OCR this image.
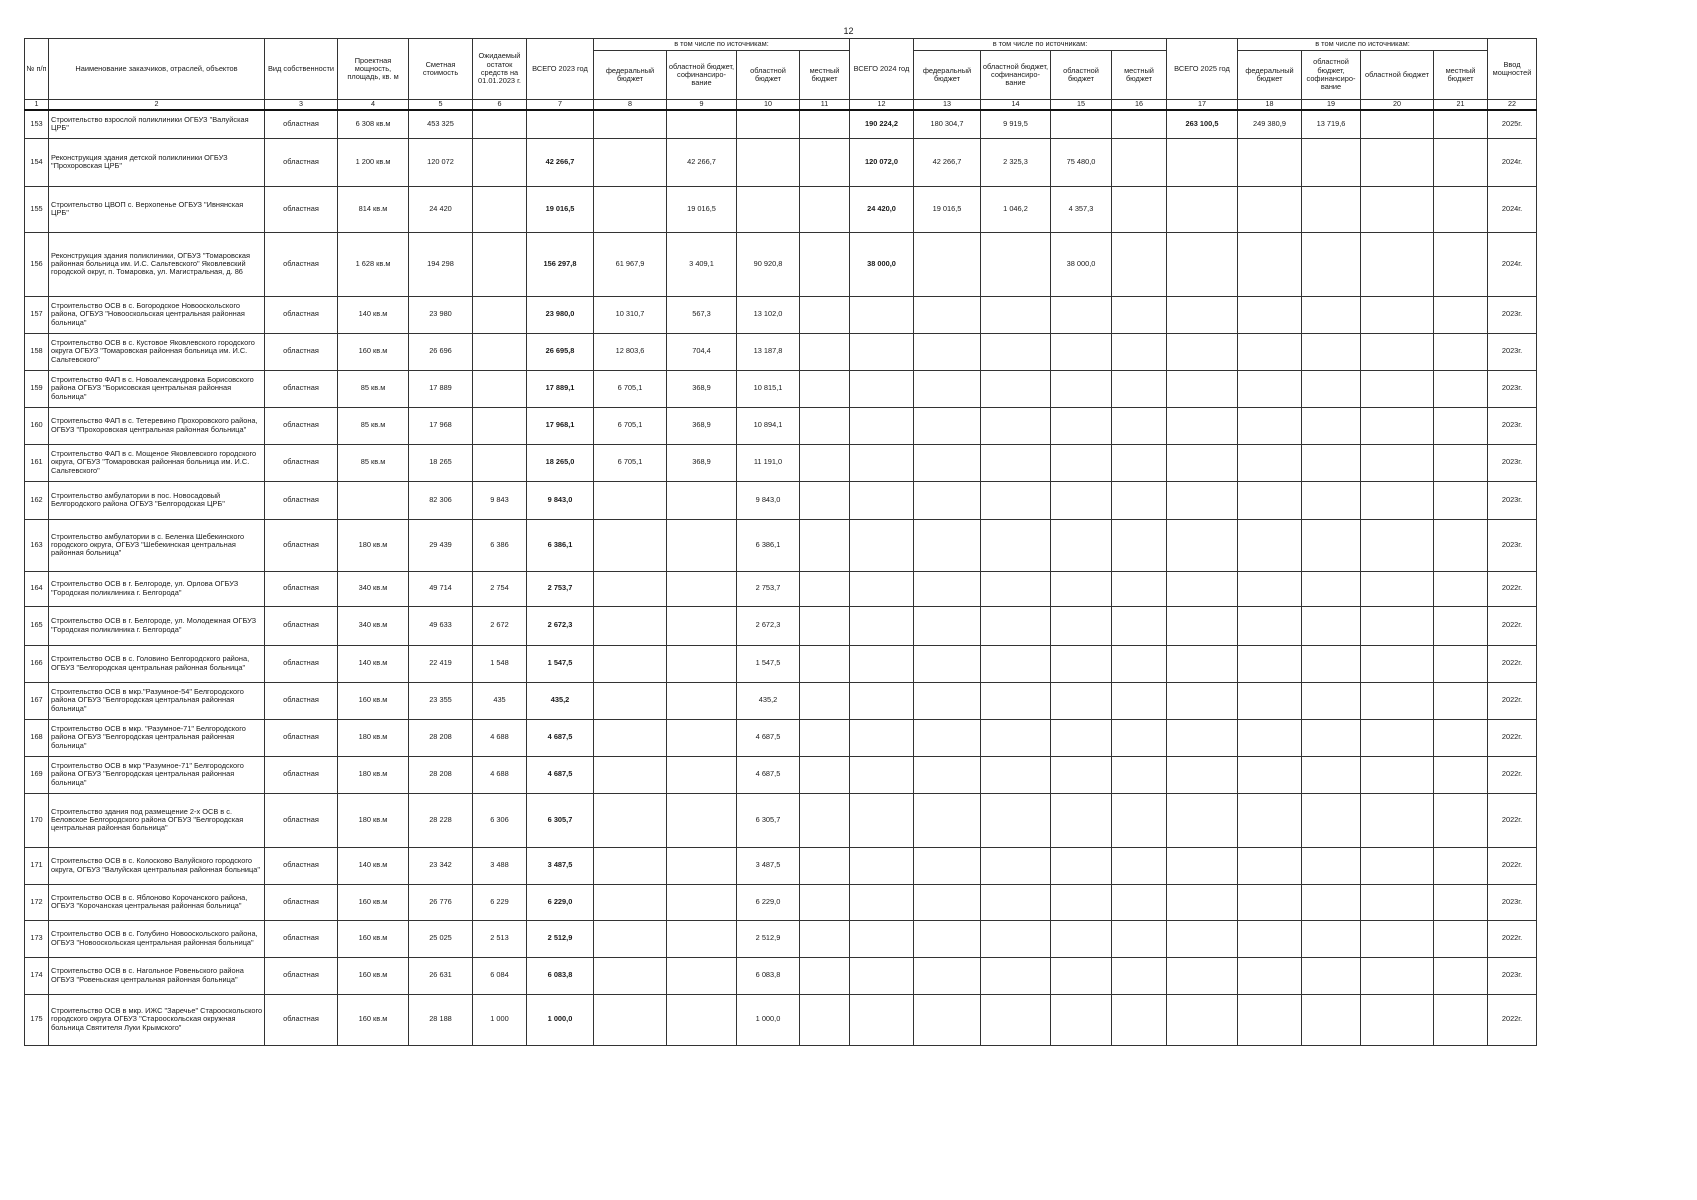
12
№ п/п	Наименование заказчиков, отраслей, объектов	Вид собственности	Проектная мощность, площадь, кв. м	Сметная стоимость	Ожидаемый остаток средств на 01.01.2023 г.	ВСЕГО 2023 год	в том числе по источникам:				ВСЕГО 2024 год	в том числе по источникам:				ВСЕГО 2025 год	в том числе по источникам:				Ввод мощностей
							федеральный бюджет	областной бюджет, софинансиро-вание	областной бюджет	местный бюджет		федеральный бюджет	областной бюджет, софинансиро-вание	областной бюджет	местный бюджет		федеральный бюджет	областной бюджет, софинансиро-вание	областной бюджет	местный бюджет	
1	2	3	4	5	6	7	8	9	10	11	12	13	14	15	16	17	18	19	20	21	22
153	Строительство взрослой поликлиники ОГБУЗ "Валуйская ЦРБ"	областная	6 308 кв.м	453 325							190 224,2	180 304,7	9 919,5			263 100,5	249 380,9	13 719,6			2025г.
154	Реконструкция здания детской поликлиники ОГБУЗ "Прохоровская ЦРБ"	областная	1 200 кв.м	120 072		42 266,7		42 266,7			120 072,0	42 266,7	2 325,3	75 480,0							2024г.
155	Строительство ЦВОП с. Верхопенье ОГБУЗ "Ивнянская ЦРБ"	областная	814 кв.м	24 420		19 016,5		19 016,5			24 420,0	19 016,5	1 046,2	4 357,3							2024г.
156	Реконструкция здания поликлиники, ОГБУЗ "Томаровская районная больница им. И.С. Сальтевского" Яковлевский городской округ, п. Томаровка, ул. Магистральная, д. 86	областная	1 628 кв.м	194 298		156 297,8	61 967,9	3 409,1	90 920,8		38 000,0			38 000,0							2024г.
157	Строительство ОСВ в с. Богородское Новооскольского района, ОГБУЗ "Новооскольская центральная районная больница"	областная	140 кв.м	23 980		23 980,0	10 310,7	567,3	13 102,0												2023г.
158	Строительство ОСВ в с. Кустовое Яковлевского городского округа ОГБУЗ "Томаровская районная больница им. И.С. Сальтевского"	областная	160 кв.м	26 696		26 695,8	12 803,6	704,4	13 187,8												2023г.
159	Строительство ФАП в с. Новоалександровка Борисовского района ОГБУЗ "Борисовская центральная районная больница"	областная	85 кв.м	17 889		17 889,1	6 705,1	368,9	10 815,1												2023г.
160	Строительство ФАП в с. Тетеревино Прохоровского района, ОГБУЗ "Прохоровская центральная районная больница"	областная	85 кв.м	17 968		17 968,1	6 705,1	368,9	10 894,1												2023г.
161	Строительство ФАП в с. Мощеное Яковлевского городского округа, ОГБУЗ "Томаровская районная больница им. И.С. Сальтевского"	областная	85 кв.м	18 265		18 265,0	6 705,1	368,9	11 191,0												2023г.
162	Строительство амбулатории в пос. Новосадовый Белгородского района ОГБУЗ "Белгородская ЦРБ"	областная		82 306	9 843	9 843,0			9 843,0												2023г.
163	Строительство амбулатории в с. Беленка Шебекинского городского округа, ОГБУЗ "Шебекинская центральная районная больница"	областная	180 кв.м	29 439	6 386	6 386,1			6 386,1												2023г.
164	Строительство ОСВ в г. Белгороде, ул. Орлова ОГБУЗ "Городская поликлиника г. Белгорода"	областная	340 кв.м	49 714	2 754	2 753,7			2 753,7												2022г.
165	Строительство ОСВ в г. Белгороде, ул. Молодежная ОГБУЗ "Городская поликлиника г. Белгорода"	областная	340 кв.м	49 633	2 672	2 672,3			2 672,3												2022г.
166	Строительство ОСВ в с. Головино Белгородского района, ОГБУЗ "Белгородская центральная районная больница"	областная	140 кв.м	22 419	1 548	1 547,5			1 547,5												2022г.
167	Строительство ОСВ в мкр."Разумное-54" Белгородского района ОГБУЗ "Белгородская центральная районная больница"	областная	160 кв.м	23 355	435	435,2			435,2												2022г.
168	Строительство ОСВ в мкр. "Разумное-71" Белгородского района ОГБУЗ "Белгородская центральная районная больница"	областная	180 кв.м	28 208	4 688	4 687,5			4 687,5												2022г.
169	Строительство ОСВ в мкр "Разумное-71" Белгородского района ОГБУЗ "Белгородская центральная районная больница"	областная	180 кв.м	28 208	4 688	4 687,5			4 687,5												2022г.
170	Строительство здания под размещение 2-х ОСВ в с. Беловское Белгородского района ОГБУЗ "Белгородская центральная районная больница"	областная	180 кв.м	28 228	6 306	6 305,7			6 305,7												2022г.
171	Строительство ОСВ в с. Колосково Валуйского городского округа, ОГБУЗ "Валуйская центральная районная больница"	областная	140 кв.м	23 342	3 488	3 487,5			3 487,5												2022г.
172	Строительство ОСВ в с. Яблоново Корочанского района, ОГБУЗ "Корочанская центральная районная больница"	областная	160 кв.м	26 776	6 229	6 229,0			6 229,0												2023г.
173	Строительство ОСВ в с. Голубино Новооскольского района, ОГБУЗ "Новооскольская центральная районная больница"	областная	160 кв.м	25 025	2 513	2 512,9			2 512,9												2022г.
174	Строительство ОСВ в с. Нагольное Ровеньского района ОГБУЗ "Ровеньская центральная районная больница"	областная	160 кв.м	26 631	6 084	6 083,8			6 083,8												2023г.
175	Строительство ОСВ в мкр. ИЖС "Заречье" Старооскольского городского округа ОГБУЗ "Старооскольская окружная больница Святителя Луки Крымского"	областная	160 кв.м	28 188	1 000	1 000,0			1 000,0												2022г.
